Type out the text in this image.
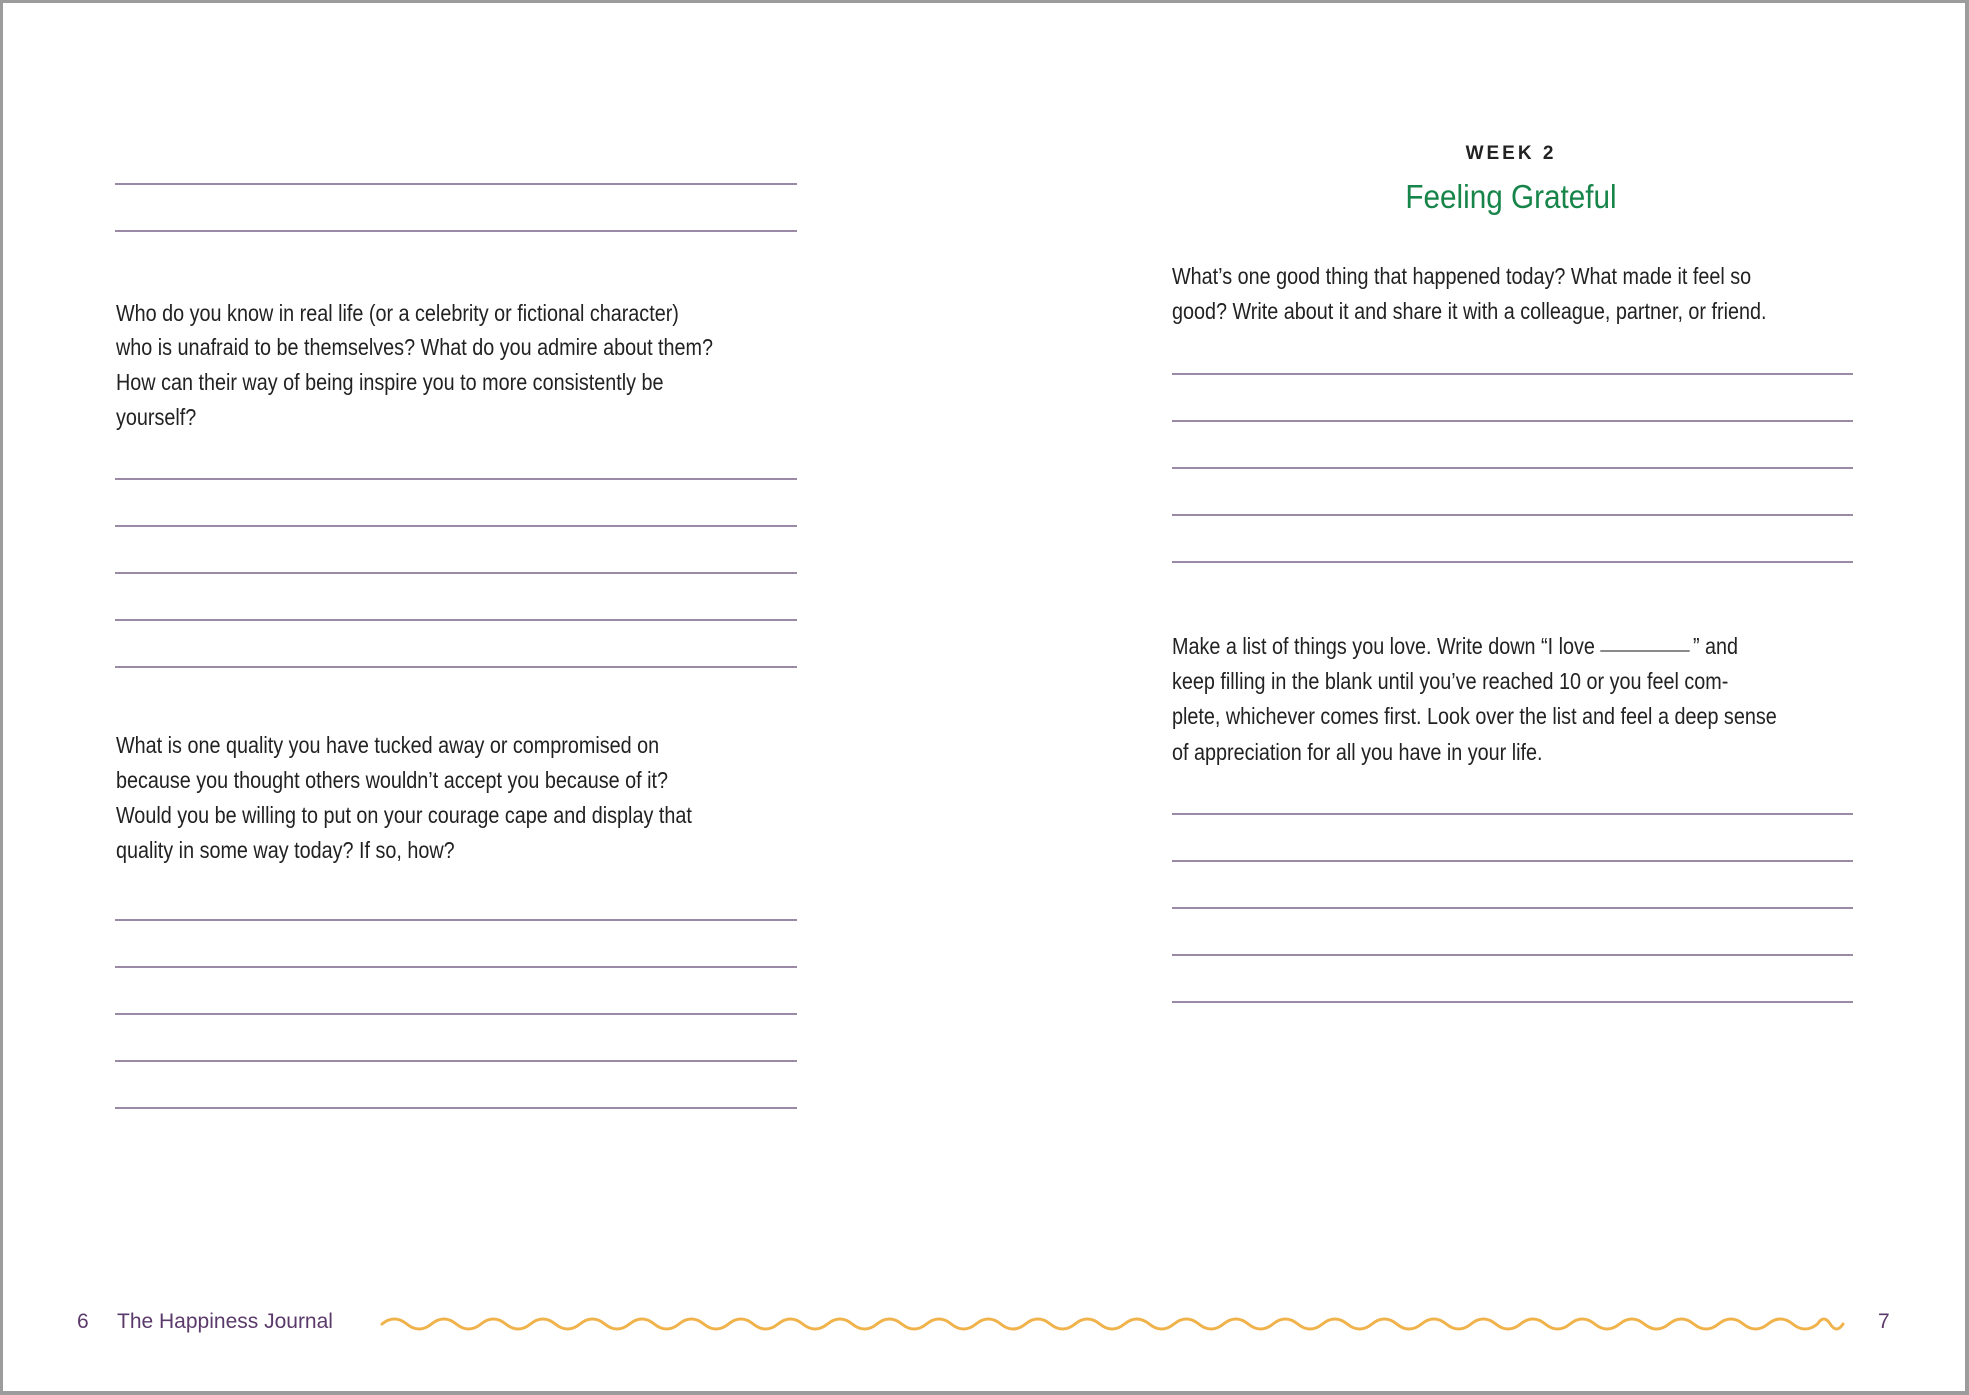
Who do you know in real life (or a celebrity or fictional character)
who is unafraid to be themselves? What do you admire about them?
How can their way of being inspire you to more consistently be
yourself?
What is one quality you have tucked away or compromised on
because you thought others wouldn’t accept you because of it?
Would you be willing to put on your courage cape and display that
quality in some way today? If so, how?
6 The Happiness Journal
WEEK 2
Feeling Grateful
What’s one good thing that happened today? What made it feel so
good? Write about it and share it with a colleague, partner, or friend.
Make a list of things you love. Write down “I love	” and
keep filling in the blank until you’ve reached 10 or you feel com-
plete, whichever comes first. Look over the list and feel a deep sense
of appreciation for all you have in your life.
7
